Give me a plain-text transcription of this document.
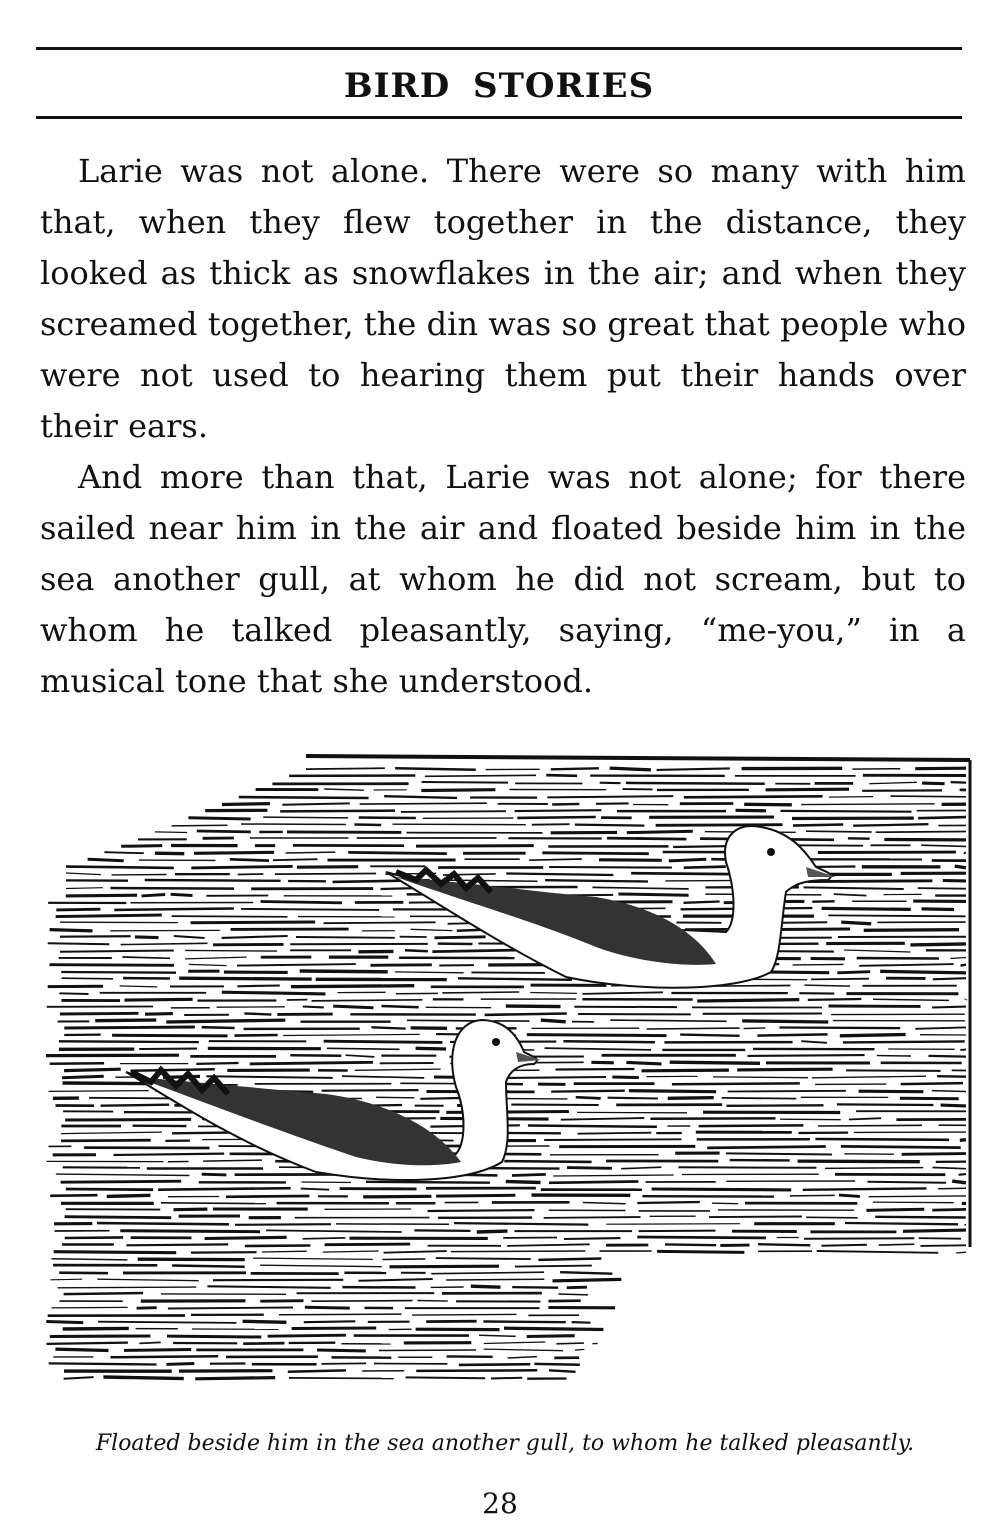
BIRD STORIES

Larie was not alone. There were so many with him that, when they flew together in the distance, they looked as thick as snowflakes in the air; and when they screamed together, the din was so great that people who were not used to hearing them put their hands over their ears.

And more than that, Larie was not alone; for there sailed near him in the air and floated beside him in the sea another gull, at whom he did not scream, but to whom he talked pleasantly, saying, “me-you,” in a musical tone that she understood.

Floated beside him in the sea another gull, to whom he talked pleasantly.
28
